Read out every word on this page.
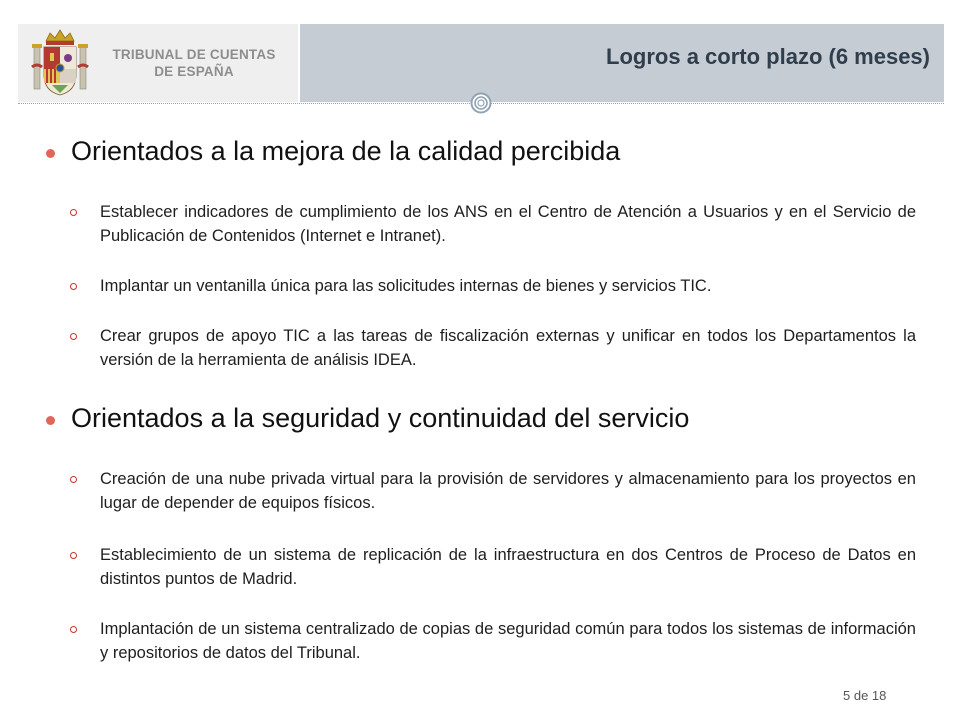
TRIBUNAL DE CUENTAS
DE ESPAÑA
Logros a corto plazo (6 meses)
Orientados a la mejora de la calidad percibida
Establecer indicadores de cumplimiento de los ANS en el Centro de Atención a Usuarios y en el Servicio de Publicación de Contenidos (Internet e Intranet).
Implantar un ventanilla única para las solicitudes internas de bienes y servicios TIC.
Crear grupos de apoyo TIC a las tareas de fiscalización externas y unificar en todos los Departamentos la versión de la herramienta de análisis IDEA.
Orientados a la seguridad y continuidad del servicio
Creación de una nube privada virtual para la provisión de servidores y almacenamiento para los proyectos en lugar de depender de equipos físicos.
Establecimiento de un sistema de replicación de la infraestructura en dos Centros de Proceso de Datos en distintos puntos de Madrid.
Implantación de un sistema centralizado de copias de seguridad común para todos los sistemas de información y repositorios de datos del Tribunal.
5 de 18
